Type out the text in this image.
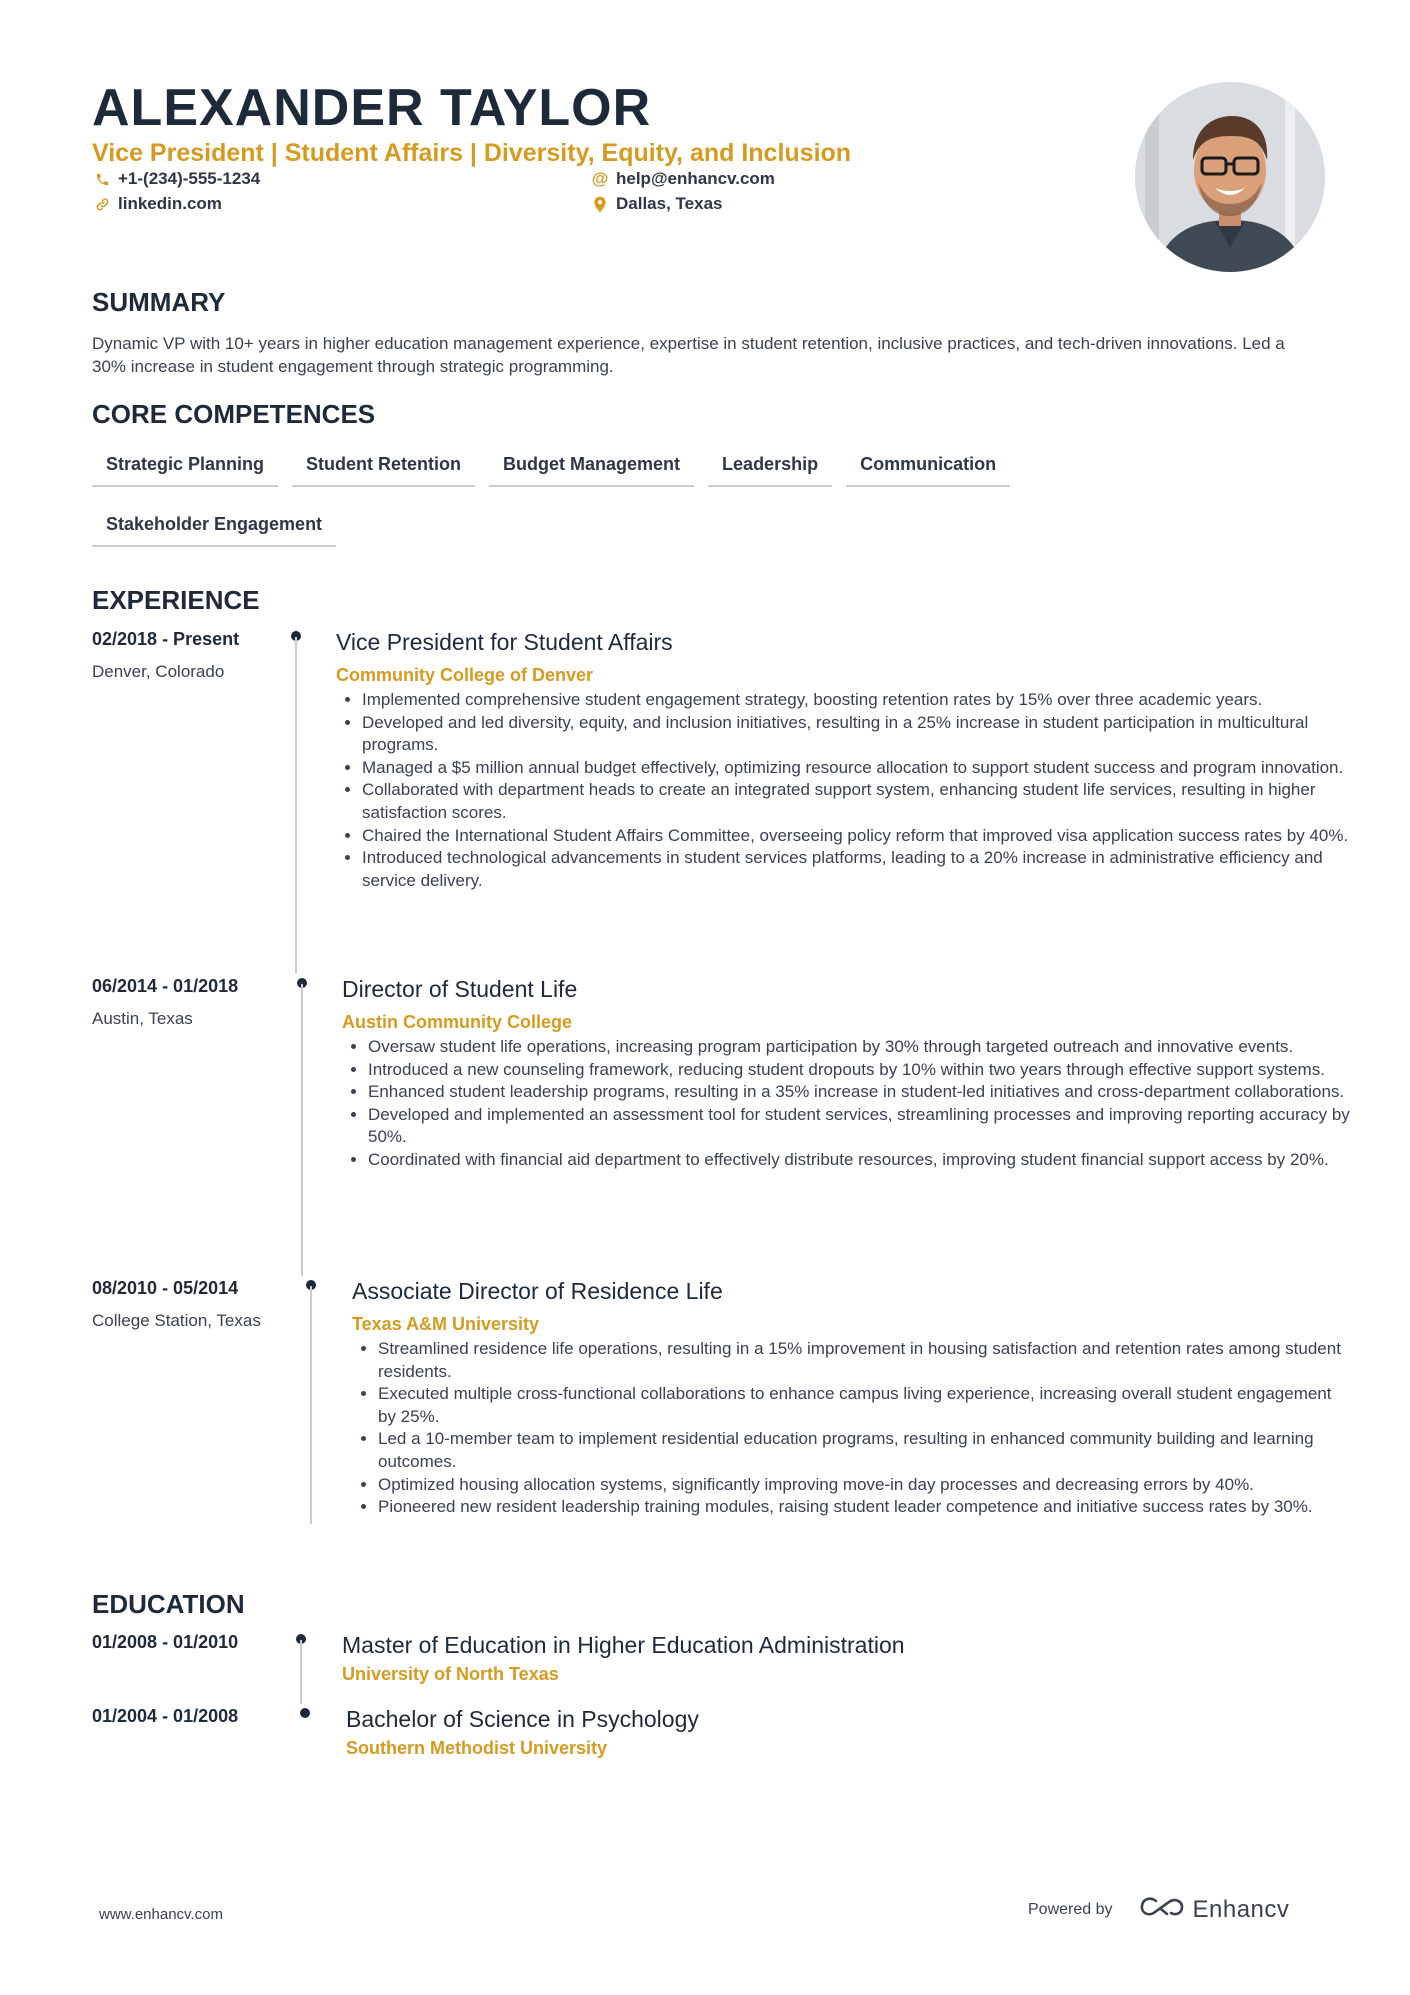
ALEXANDER TAYLOR
Vice President | Student Affairs | Diversity, Equity, and Inclusion
+1-(234)-555-1234	@ help@enhancv.com
linkedin.com	Dallas, Texas
SUMMARY

Dynamic VP with 10+ years in higher education management experience, expertise in student retention, inclusive practices, and tech-driven innovations. Led a 30% increase in student engagement through strategic programming.

CORE COMPETENCES
Strategic Planning	Student Retention	Budget Management	Leadership	Communication
Stakeholder Engagement
EXPERIENCE
02/2018 - Present
Denver, Colorado
Vice President for Student Affairs
Community College of Denver
• Implemented comprehensive student engagement strategy, boosting retention rates by 15% over three academic years.
• Developed and led diversity, equity, and inclusion initiatives, resulting in a 25% increase in student participation in multicultural programs.
• Managed a $5 million annual budget effectively, optimizing resource allocation to support student success and program innovation.
• Collaborated with department heads to create an integrated support system, enhancing student life services, resulting in higher satisfaction scores.
• Chaired the International Student Affairs Committee, overseeing policy reform that improved visa application success rates by 40%.
• Introduced technological advancements in student services platforms, leading to a 20% increase in administrative efficiency and service delivery.
06/2014 - 01/2018
Austin, Texas
Director of Student Life
Austin Community College
• Oversaw student life operations, increasing program participation by 30% through targeted outreach and innovative events.
• Introduced a new counseling framework, reducing student dropouts by 10% within two years through effective support systems.
• Enhanced student leadership programs, resulting in a 35% increase in student-led initiatives and cross-department collaborations.
• Developed and implemented an assessment tool for student services, streamlining processes and improving reporting accuracy by 50%.
• Coordinated with financial aid department to effectively distribute resources, improving student financial support access by 20%.
08/2010 - 05/2014
College Station, Texas
Associate Director of Residence Life
Texas A&M University
• Streamlined residence life operations, resulting in a 15% improvement in housing satisfaction and retention rates among student residents.
• Executed multiple cross-functional collaborations to enhance campus living experience, increasing overall student engagement by 25%.
• Led a 10-member team to implement residential education programs, resulting in enhanced community building and learning outcomes.
• Optimized housing allocation systems, significantly improving move-in day processes and decreasing errors by 40%.
• Pioneered new resident leadership training modules, raising student leader competence and initiative success rates by 30%.
EDUCATION
01/2008 - 01/2010	Master of Education in Higher Education Administration
University of North Texas
01/2004 - 01/2008	Bachelor of Science in Psychology
Southern Methodist University
www.enhancv.com	Powered by	Enhancv
